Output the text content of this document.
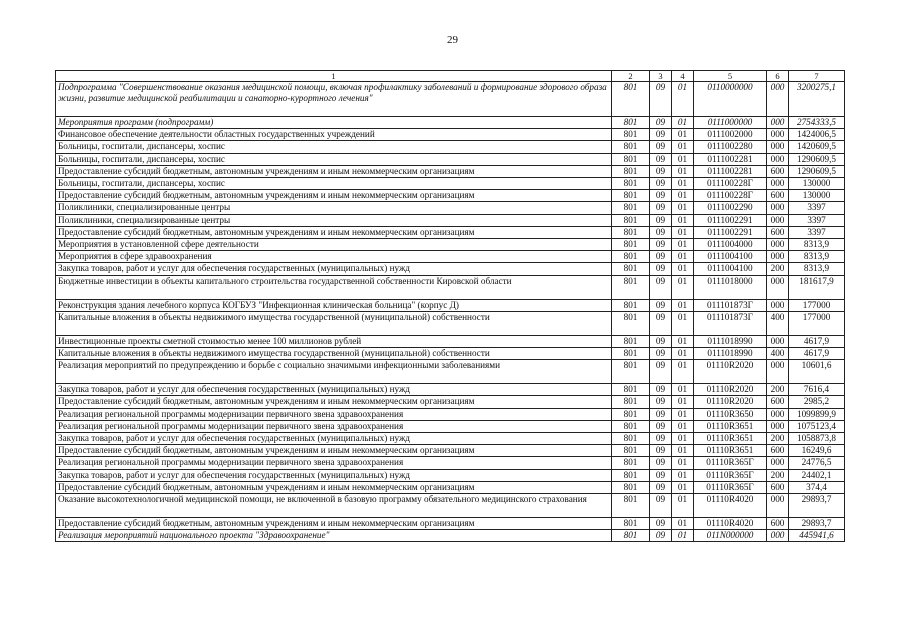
29
1	2	3	4	5	6	7
Подпрограмма "Совершенствование оказания медицинской помощи, включая профилактику заболеваний и формирование здорового образа жизни, развитие медицинской реабилитации и санаторно-курортного лечения"	801	09	01	0110000000	000	3200275,1
Мероприятия программ (подпрограмм)	801	09	01	0111000000	000	2754333,5
Финансовое обеспечение деятельности областных государственных учреждений	801	09	01	0111002000	000	1424006,5
Больницы, госпитали, диспансеры, хоспис	801	09	01	0111002280	000	1420609,5
Больницы, госпитали, диспансеры, хоспис	801	09	01	0111002281	000	1290609,5
Предоставление субсидий бюджетным, автономным учреждениям и иным некоммерческим организациям	801	09	01	0111002281	600	1290609,5
Больницы, госпитали, диспансеры, хоспис	801	09	01	011100228Г	000	130000
Предоставление субсидий бюджетным, автономным учреждениям и иным некоммерческим организациям	801	09	01	011100228Г	600	130000
Поликлиники, специализированные центры	801	09	01	0111002290	000	3397
Поликлиники, специализированные центры	801	09	01	0111002291	000	3397
Предоставление субсидий бюджетным, автономным учреждениям и иным некоммерческим организациям	801	09	01	0111002291	600	3397
Мероприятия в установленной сфере деятельности	801	09	01	0111004000	000	8313,9
Мероприятия в сфере здравоохранения	801	09	01	0111004100	000	8313,9
Закупка товаров, работ и услуг для обеспечения государственных (муниципальных) нужд	801	09	01	0111004100	200	8313,9
Бюджетные инвестиции в объекты капитального строительства государственной собственности Кировской области	801	09	01	0111018000	000	181617,9
Реконструкция здания лечебного корпуса КОГБУЗ "Инфекционная клиническая больница" (корпус Д)	801	09	01	011101873Г	000	177000
Капитальные вложения в объекты недвижимого имущества государственной (муниципальной) собственности	801	09	01	011101873Г	400	177000
Инвестиционные проекты сметной стоимостью менее 100 миллионов рублей	801	09	01	0111018990	000	4617,9
Капитальные вложения в объекты недвижимого имущества государственной (муниципальной) собственности	801	09	01	0111018990	400	4617,9
Реализация мероприятий по предупреждению и борьбе с социально значимыми инфекционными заболеваниями	801	09	01	01110R2020	000	10601,6
Закупка товаров, работ и услуг для обеспечения государственных (муниципальных) нужд	801	09	01	01110R2020	200	7616,4
Предоставление субсидий бюджетным, автономным учреждениям и иным некоммерческим организациям	801	09	01	01110R2020	600	2985,2
Реализация региональной программы модернизации первичного звена здравоохранения	801	09	01	01110R3650	000	1099899,9
Реализация региональной программы модернизации первичного звена здравоохранения	801	09	01	01110R3651	000	1075123,4
Закупка товаров, работ и услуг для обеспечения государственных (муниципальных) нужд	801	09	01	01110R3651	200	1058873,8
Предоставление субсидий бюджетным, автономным учреждениям и иным некоммерческим организациям	801	09	01	01110R3651	600	16249,6
Реализация региональной программы модернизации первичного звена здравоохранения	801	09	01	01110R365Г	000	24776,5
Закупка товаров, работ и услуг для обеспечения государственных (муниципальных) нужд	801	09	01	01110R365Г	200	24402,1
Предоставление субсидий бюджетным, автономным учреждениям и иным некоммерческим организациям	801	09	01	01110R365Г	600	374,4
Оказание высокотехнологичной медицинской помощи, не включенной в базовую программу обязательного медицинского страхования	801	09	01	01110R4020	000	29893,7
Предоставление субсидий бюджетным, автономным учреждениям и иным некоммерческим организациям	801	09	01	01110R4020	600	29893,7
Реализация мероприятий национального проекта "Здравоохранение"	801	09	01	011N000000	000	445941,6
